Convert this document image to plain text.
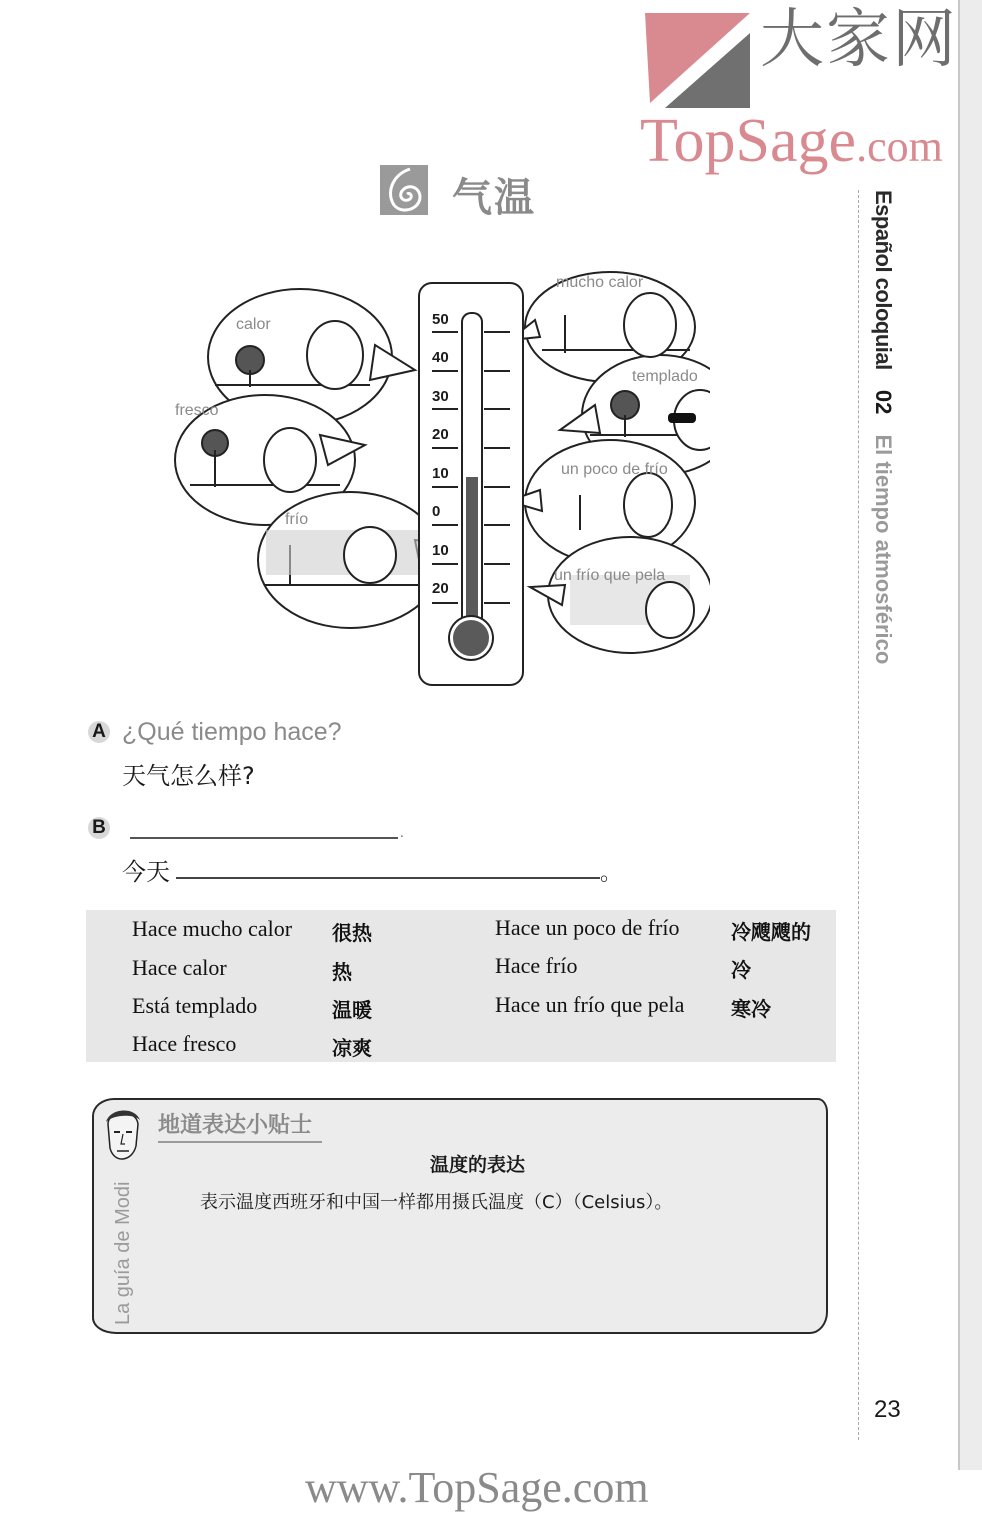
大家网
TopSage.com
Español coloquial 02 El tiempo atmosférico
23
气温
calor
fresco
frío
mucho calor
templado
un poco de frío
un frío que pela
50
40
30
20
10
0
10
20
A ¿Qué tiempo hace?
天气怎么样?
B	.
今天	。
Hace mucho calor 很热
Hace calor	热
Está templado	温暖
Hace fresco	凉爽
Hace un poco de frío	冷飕飕的
Hace frío	冷
Hace un frío que pela 寒冷
La guía de Modi
地道表达小贴士
温度的表达
表示温度西班牙和中国一样都用摄氏温度（C）（Celsius）。
www.TopSage.com
